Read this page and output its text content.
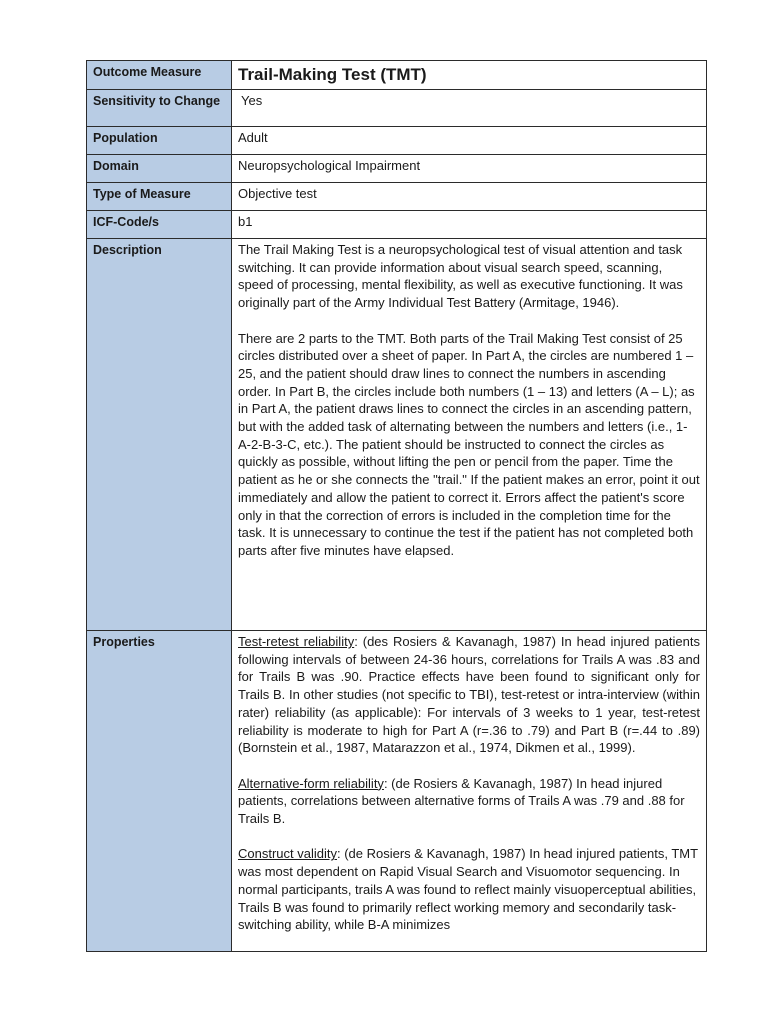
Outcome Measure	Trail-Making Test (TMT)
Sensitivity to Change	Yes
Population	Adult
Domain	Neuropsychological Impairment
Type of Measure	Objective test
ICF-Code/s	b1
Description	The Trail Making Test is a neuropsychological test of visual attention and task switching. It can provide information about visual search speed, scanning, speed of processing, mental flexibility, as well as executive functioning. It was originally part of the Army Individual Test Battery (Armitage, 1946).

There are 2 parts to the TMT. Both parts of the Trail Making Test consist of 25 circles distributed over a sheet of paper. In Part A, the circles are numbered 1 – 25, and the patient should draw lines to connect the numbers in ascending order. In Part B, the circles include both numbers (1 – 13) and letters (A – L); as in Part A, the patient draws lines to connect the circles in an ascending pattern, but with the added task of alternating between the numbers and letters (i.e., 1-A-2-B-3-C, etc.). The patient should be instructed to connect the circles as quickly as possible, without lifting the pen or pencil from the paper. Time the patient as he or she connects the "trail." If the patient makes an error, point it out immediately and allow the patient to correct it. Errors affect the patient's score only in that the correction of errors is included in the completion time for the task. It is unnecessary to continue the test if the patient has not completed both parts after five minutes have elapsed.

Properties	Test-retest reliability: (des Rosiers & Kavanagh, 1987) In head injured patients following intervals of between 24-36 hours, correlations for Trails A was .83 and for Trails B was .90. Practice effects have been found to significant only for Trails B. In other studies (not specific to TBI), test-retest or intra-interview (within rater) reliability (as applicable): For intervals of 3 weeks to 1 year, test-retest reliability is moderate to high for Part A (r=.36 to .79) and Part B (r=.44 to .89) (Bornstein et al., 1987, Matarazzon et al., 1974, Dikmen et al., 1999).

Alternative-form reliability: (de Rosiers & Kavanagh, 1987) In head injured patients, correlations between alternative forms of Trails A was .79 and .88 for Trails B.

Construct validity: (de Rosiers & Kavanagh, 1987) In head injured patients, TMT was most dependent on Rapid Visual Search and Visuomotor sequencing. In normal participants, trails A was found to reflect mainly visuoperceptual abilities, Trails B was found to primarily reflect working memory and secondarily task-switching ability, while B-A minimizes
